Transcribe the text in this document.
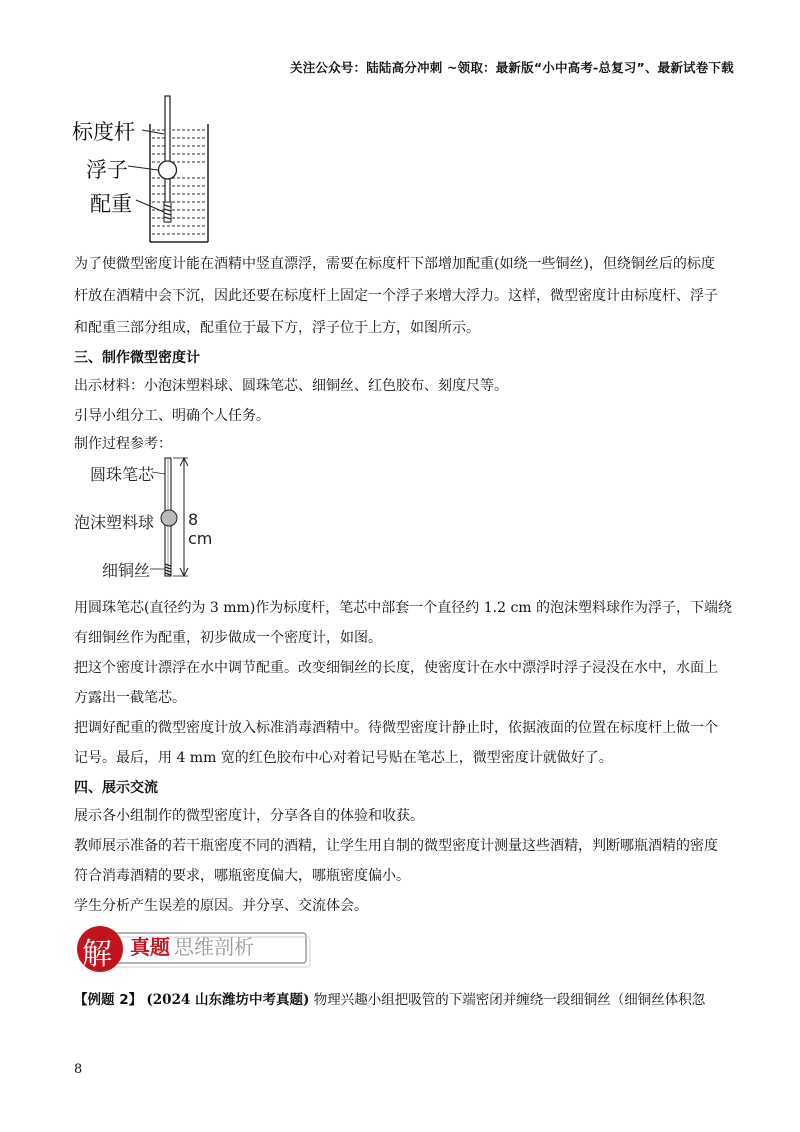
关注公众号：陆陆高分冲刺 ~领取：最新版“小中高考-总复习”、最新试卷下载
标度杆
浮子
配重
为了使微型密度计能在酒精中竖直漂浮，需要在标度杆下部增加配重(如绕一些铜丝)，但绕铜丝后的标度
杆放在酒精中会下沉，因此还要在标度杆上固定一个浮子来增大浮力。这样，微型密度计由标度杆、浮子
和配重三部分组成，配重位于最下方，浮子位于上方，如图所示。
三、制作微型密度计
出示材料：小泡沫塑料球、圆珠笔芯、细铜丝、红色胶布、刻度尺等。
引导小组分工、明确个人任务。
制作过程参考：
圆珠笔芯
泡沫塑料球
细铜丝
8 cm
用圆珠笔芯(直径约为 3 mm)作为标度杆，笔芯中部套一个直径约 1.2 cm 的泡沫塑料球作为浮子，下端绕
有细铜丝作为配重，初步做成一个密度计，如图。
把这个密度计漂浮在水中调节配重。改变细铜丝的长度，使密度计在水中漂浮时浮子浸没在水中，水面上
方露出一截笔芯。
把调好配重的微型密度计放入标准消毒酒精中。待微型密度计静止时，依据液面的位置在标度杆上做一个
记号。最后，用 4 mm 宽的红色胶布中心对着记号贴在笔芯上，微型密度计就做好了。
四、展示交流
展示各小组制作的微型密度计，分享各自的体验和收获。
教师展示准备的若干瓶密度不同的酒精，让学生用自制的微型密度计测量这些酒精，判断哪瓶酒精的密度
符合消毒酒精的要求，哪瓶密度偏大，哪瓶密度偏小。
学生分析产生误差的原因。并分享、交流体会。
解 真题 思维剖析
【例题 2】 (2024 山东潍坊中考真题) 物理兴趣小组把吸管的下端密闭并缠绕一段细铜丝（细铜丝体积忽
8
